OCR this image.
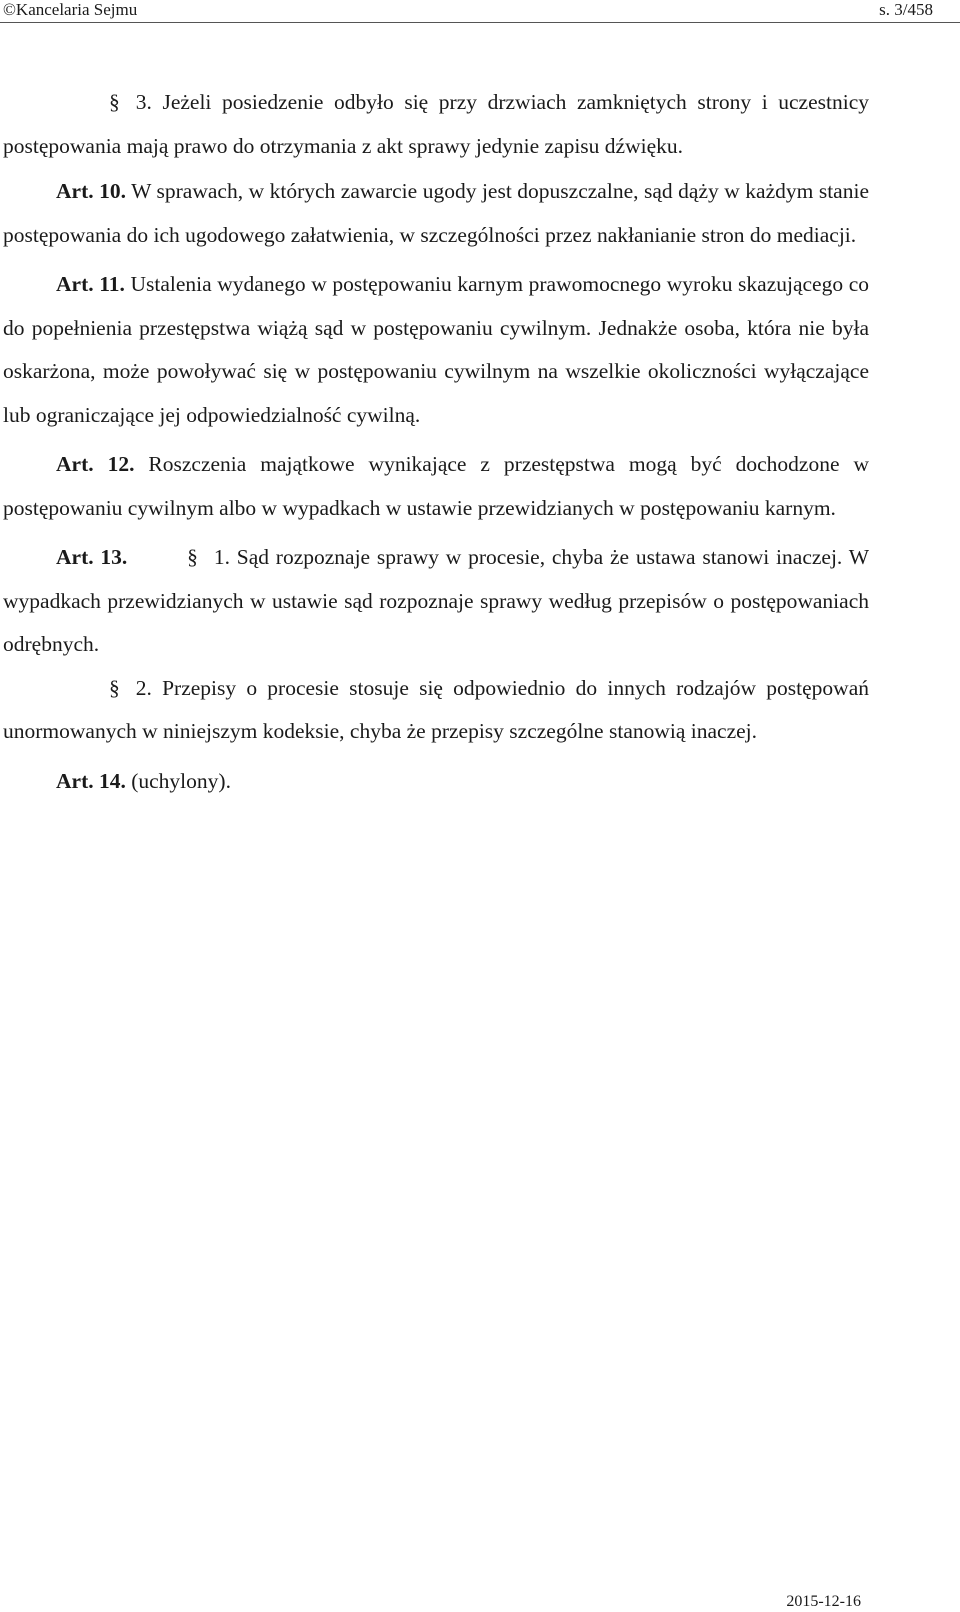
©Kancelaria Sejmu	s. 3/458

§ 3. Jeżeli posiedzenie odbyło się przy drzwiach zamkniętych strony i uczestnicy postępowania mają prawo do otrzymania z akt sprawy jedynie zapisu dźwięku.

Art. 10. W sprawach, w których zawarcie ugody jest dopuszczalne, sąd dąży w każdym stanie postępowania do ich ugodowego załatwienia, w szczególności przez nakłanianie stron do mediacji.

Art. 11. Ustalenia wydanego w postępowaniu karnym prawomocnego wyroku skazującego co do popełnienia przestępstwa wiążą sąd w postępowaniu cywilnym. Jednakże osoba, która nie była oskarżona, może powoływać się w postępowaniu cywilnym na wszelkie okoliczności wyłączające lub ograniczające jej odpowiedzialność cywilną.

Art. 12. Roszczenia majątkowe wynikające z przestępstwa mogą być dochodzone w postępowaniu cywilnym albo w wypadkach w ustawie przewidzianych w postępowaniu karnym.

Art. 13.	§ 1. Sąd rozpoznaje sprawy w procesie, chyba że ustawa stanowi inaczej. W wypadkach przewidzianych w ustawie sąd rozpoznaje sprawy według przepisów o postępowaniach odrębnych.

§ 2. Przepisy o procesie stosuje się odpowiednio do innych rodzajów postępowań unormowanych w niniejszym kodeksie, chyba że przepisy szczególne stanowią inaczej.

Art. 14. (uchylony).

2015-12-16
